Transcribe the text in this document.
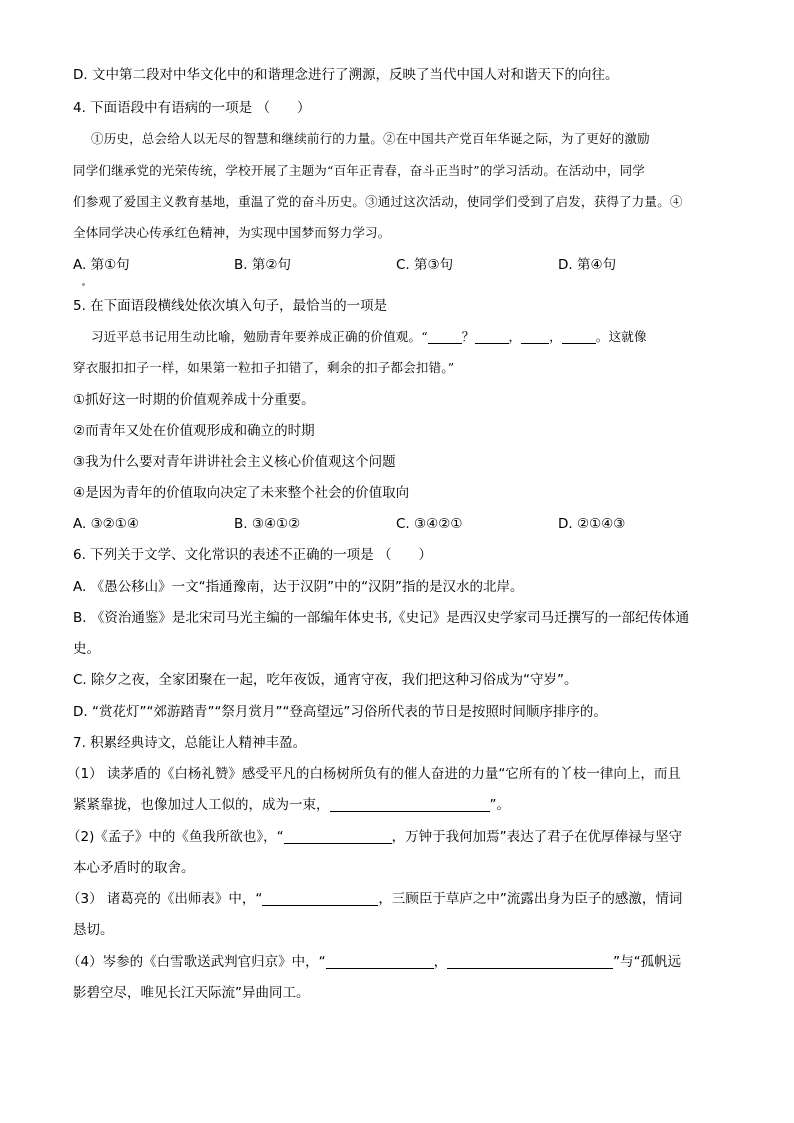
D. 文中第二段对中华文化中的和谐理念进行了溯源，反映了当代中国人对和谐天下的向往。
4. 下面语段中有语病的一项是 （　　）
①历史，总会给人以无尽的智慧和继续前行的力量。②在中国共产党百年华诞之际，为了更好的激励
同学们继承党的光荣传统，学校开展了主题为“百年正青春，奋斗正当时”的学习活动。在活动中，同学
们参观了爱国主义教育基地，重温了党的奋斗历史。③通过这次活动，使同学们受到了启发，获得了力量。④
全体同学决心传承红色精神，为实现中国梦而努力学习。
A. 第①句	B. 第②句	C. 第③句	D. 第④句
5. 在下面语段横线处依次填入句子，最恰当的一项是
习近平总书记用生动比喻，勉励青年要养成正确的价值观。“	？	， ，	。这就像
穿衣服扣扣子一样，如果第一粒扣子扣错了，剩余的扣子都会扣错。”
①抓好这一时期的价值观养成十分重要。
②而青年又处在价值观形成和确立的时期
③我为什么要对青年讲讲社会主义核心价值观这个问题
④是因为青年的价值取向决定了未来整个社会的价值取向
A. ③②①④	B. ③④①②	C. ③④②①	D. ②①④③
6. 下列关于文学、文化常识的表述不正确的一项是 （　　）
A. 《愚公移山》一文“指通豫南，达于汉阴”中的“汉阴”指的是汉水的北岸。
B. 《资治通鉴》是北宋司马光主编的一部编年体史书,《史记》是西汉史学家司马迁撰写的一部纪传体通
史。
C. 除夕之夜，全家团聚在一起，吃年夜饭，通宵守夜，我们把这种习俗成为“守岁”。
D. “赏花灯”“郊游踏青”“祭月赏月”“登高望远”习俗所代表的节日是按照时间顺序排序的。
7. 积累经典诗文，总能让人精神丰盈。
（1） 读茅盾的《白杨礼赞》感受平凡的白杨树所负有的催人奋进的力量“它所有的丫枝一律向上，而且
紧紧靠拢，也像加过人工似的，成为一束，	”。
（2)《孟子》中的《鱼我所欲也》，“	，万钟于我何加焉”表达了君子在优厚俸禄与坚守
本心矛盾时的取舍。
（3） 诸葛亮的《出师表》中，“	，三顾臣于草庐之中”流露出身为臣子的感激，情词
恳切。
（4）岑参的《白雪歌送武判官归京》中，“	，	”与“孤帆远
影碧空尽，唯见长江天际流”异曲同工。
